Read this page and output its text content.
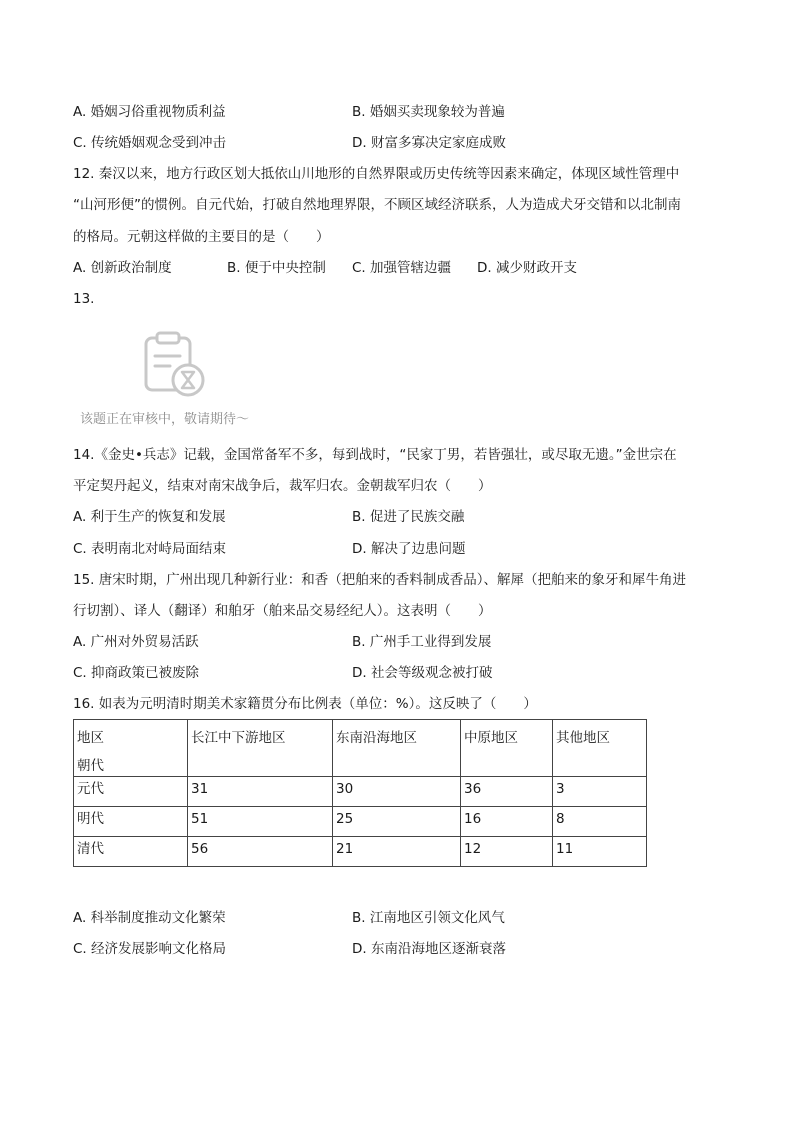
A. 婚姻习俗重视物质利益	B. 婚姻买卖现象较为普遍
C. 传统婚姻观念受到冲击	D. 财富多寡决定家庭成败
12. 秦汉以来，地方行政区划大抵依山川地形的自然界限或历史传统等因素来确定，体现区域性管理中
“山河形便”的惯例。自元代始，打破自然地理界限，不顾区域经济联系，人为造成犬牙交错和以北制南
的格局。元朝这样做的主要目的是（　　）
A. 创新政治制度	B. 便于中央控制 C. 加强管辖边疆 D. 减少财政开支
13.
该题正在审核中，敬请期待～
14.《金史•兵志》记载，金国常备军不多，每到战时，“民家丁男，若皆强壮，或尽取无遗。”金世宗在
平定契丹起义，结束对南宋战争后，裁军归农。金朝裁军归农（　　）
A. 利于生产的恢复和发展	B. 促进了民族交融
C. 表明南北对峙局面结束	D. 解决了边患问题
15. 唐宋时期，广州出现几种新行业：和香（把舶来的香料制成香品）、解犀（把舶来的象牙和犀牛角进
行切割）、译人（翻译）和舶牙（舶来品交易经纪人）。这表明（　　）
A. 广州对外贸易活跃	B. 广州手工业得到发展
C. 抑商政策已被废除	D. 社会等级观念被打破
16. 如表为元明清时期美术家籍贯分布比例表（单位：%）。这反映了（　　）
地区
朝代	长江中下游地区	东南沿海地区	中原地区	其他地区

元代	31	30	36	3

明代	51	25	16	8

清代	56	21	12	11
A. 科举制度推动文化繁荣	B. 江南地区引领文化风气
C. 经济发展影响文化格局	D. 东南沿海地区逐渐衰落
